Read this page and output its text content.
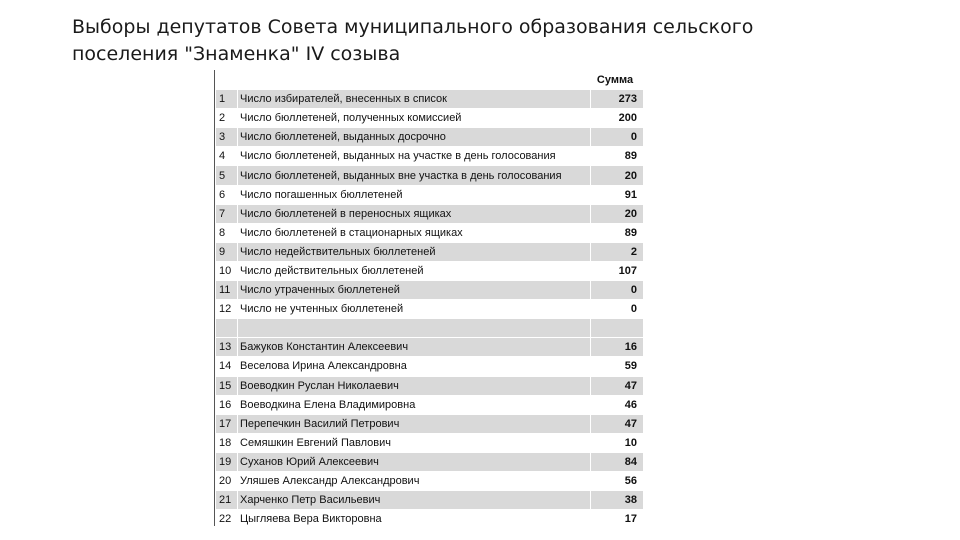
Выборы депутатов Совета муниципального образования сельского
поселения "Знаменка" IV созыва
		Сумма
1	Число избирателей, внесенных в список	273
2	Число бюллетеней, полученных комиссией	200
3	Число бюллетеней, выданных досрочно	0
4	Число бюллетеней, выданных на участке в день голосования	89
5	Число бюллетеней, выданных вне участка в день голосования	20
6	Число погашенных бюллетеней	91
7	Число бюллетеней в переносных ящиках	20
8	Число бюллетеней в стационарных ящиках	89
9	Число недействительных бюллетеней	2
10	Число действительных бюллетеней	107
11	Число утраченных бюллетеней	0
12	Число не учтенных бюллетеней	0

13	Бажуков Константин Алексеевич	16
14	Веселова Ирина Александровна	59
15	Воеводкин Руслан Николаевич	47
16	Воеводкина Елена Владимировна	46
17	Перепечкин Василий Петрович	47
18	Семяшкин Евгений Павлович	10
19	Суханов Юрий Алексеевич	84
20	Уляшев Александр Александрович	56
21	Харченко Петр Васильевич	38
22	Цыгляева Вера Викторовна	17
